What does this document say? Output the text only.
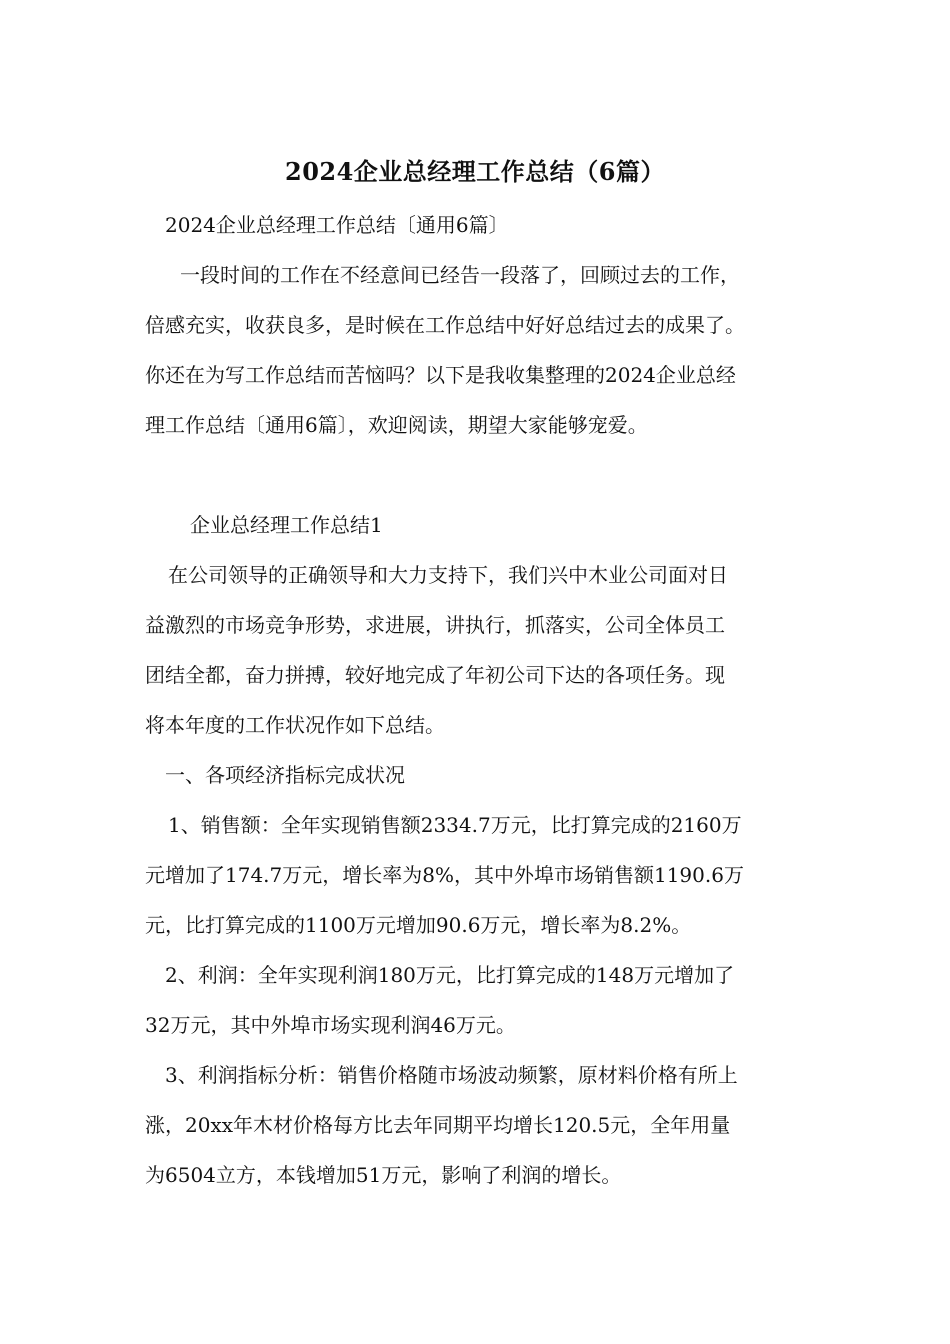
2024企业总经理工作总结（6篇）
2024企业总经理工作总结〔通用6篇〕
一段时间的工作在不经意间已经告一段落了，回顾过去的工作，
倍感充实，收获良多，是时候在工作总结中好好总结过去的成果了。
你还在为写工作总结而苦恼吗？以下是我收集整理的2024企业总经
理工作总结〔通用6篇〕，欢迎阅读，期望大家能够宠爱。
企业总经理工作总结1
在公司领导的正确领导和大力支持下，我们兴中木业公司面对日
益激烈的市场竞争形势，求进展，讲执行，抓落实，公司全体员工
团结全都，奋力拼搏，较好地完成了年初公司下达的各项任务。现
将本年度的工作状况作如下总结。
一、各项经济指标完成状况
1、销售额：全年实现销售额2334.7万元，比打算完成的2160万
元增加了174.7万元，增长率为8%，其中外埠市场销售额1190.6万
元，比打算完成的1100万元增加90.6万元，增长率为8.2%。
2、利润：全年实现利润180万元，比打算完成的148万元增加了
32万元，其中外埠市场实现利润46万元。
3、利润指标分析：销售价格随市场波动频繁，原材料价格有所上
涨，20xx年木材价格每方比去年同期平均增长120.5元，全年用量
为6504立方，本钱增加51万元，影响了利润的增长。
